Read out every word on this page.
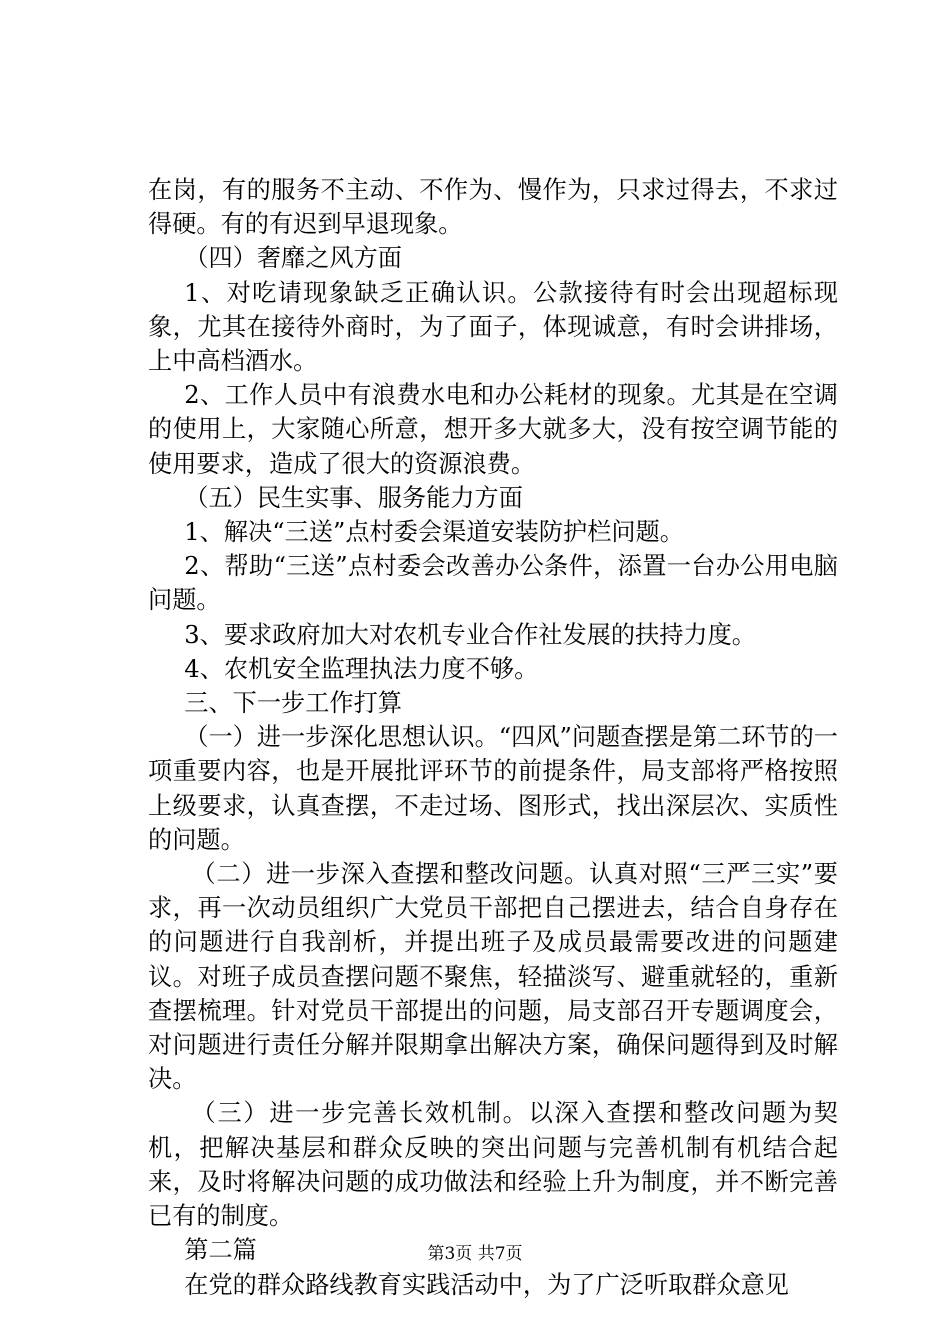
在岗，有的服务不主动、不作为、慢作为，只求过得去，不求过得硬。有的有迟到早退现象。

（四）奢靡之风方面

1、对吃请现象缺乏正确认识。公款接待有时会出现超标现象，尤其在接待外商时，为了面子，体现诚意，有时会讲排场，上中高档酒水。

2、工作人员中有浪费水电和办公耗材的现象。尤其是在空调的使用上，大家随心所意，想开多大就多大，没有按空调节能的使用要求，造成了很大的资源浪费。

（五）民生实事、服务能力方面

1、解决“三送”点村委会渠道安装防护栏问题。

2、帮助“三送”点村委会改善办公条件，添置一台办公用电脑问题。

3、要求政府加大对农机专业合作社发展的扶持力度。

4、农机安全监理执法力度不够。

三、下一步工作打算

（一）进一步深化思想认识。“四风”问题查摆是第二环节的一项重要内容，也是开展批评环节的前提条件，局支部将严格按照上级要求，认真查摆，不走过场、图形式，找出深层次、实质性的问题。

（二）进一步深入查摆和整改问题。认真对照“三严三实”要求，再一次动员组织广大党员干部把自己摆进去，结合自身存在的问题进行自我剖析，并提出班子及成员最需要改进的问题建议。对班子成员查摆问题不聚焦，轻描淡写、避重就轻的，重新查摆梳理。针对党员干部提出的问题，局支部召开专题调度会，对问题进行责任分解并限期拿出解决方案，确保问题得到及时解决。

（三）进一步完善长效机制。以深入查摆和整改问题为契机，把解决基层和群众反映的突出问题与完善机制有机结合起来，及时将解决问题的成功做法和经验上升为制度，并不断完善已有的制度。

第二篇

在党的群众路线教育实践活动中，为了广泛听取群众意见

第3页 共7页
